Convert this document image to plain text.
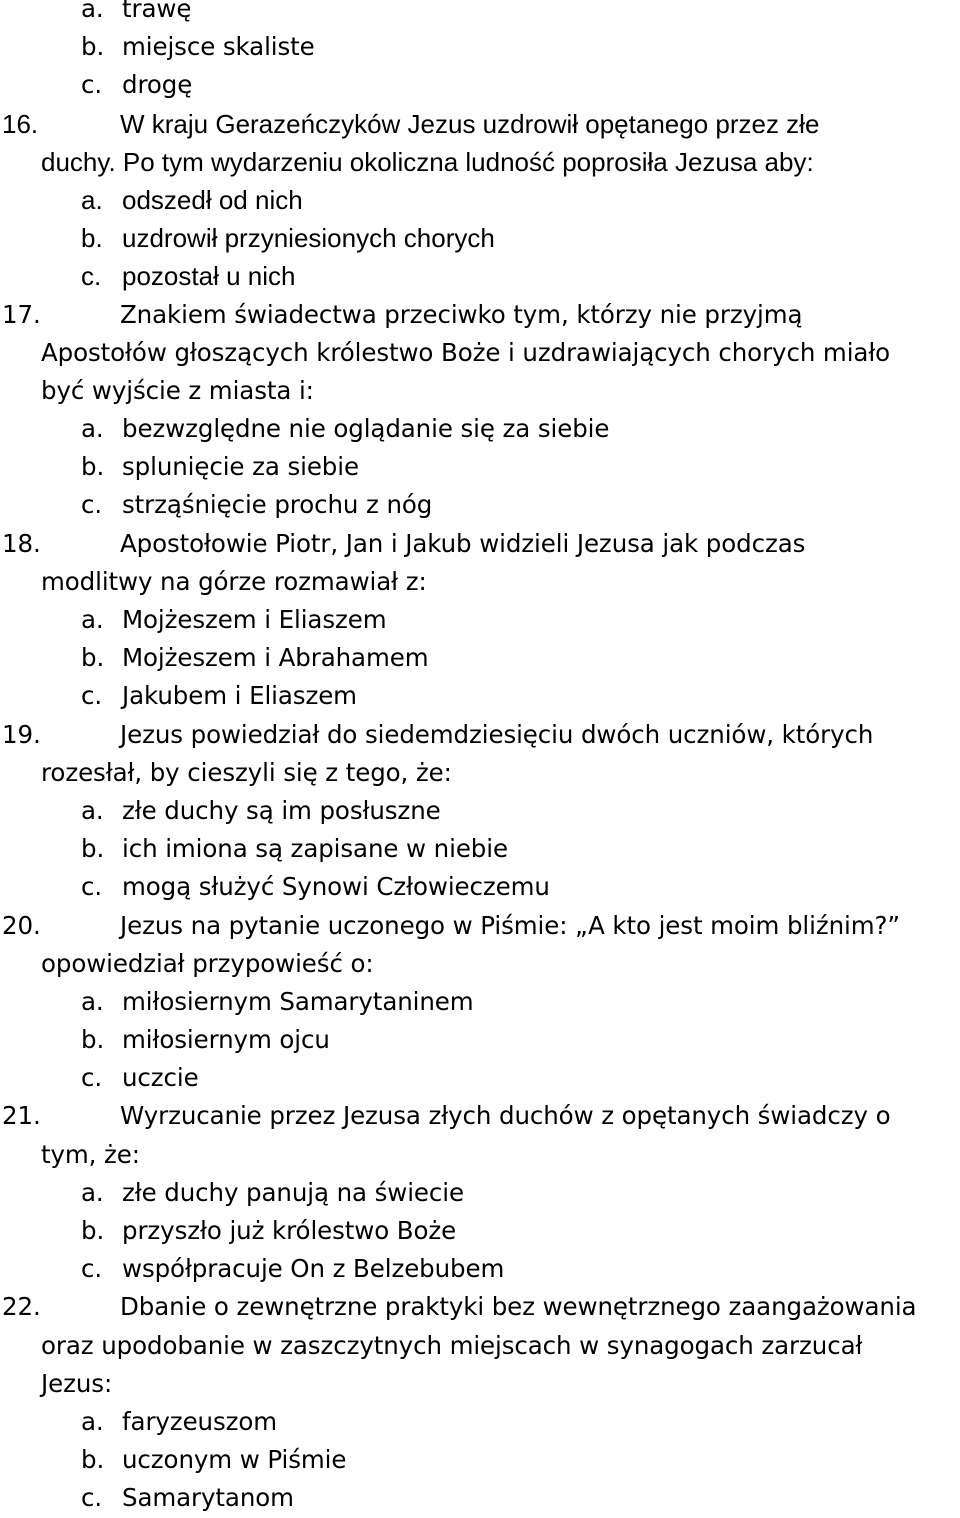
a. trawę
b. miejsce skaliste
c. drogę
16.	W kraju Gerazeńczyków Jezus uzdrowił opętanego przez złe
duchy. Po tym wydarzeniu okoliczna ludność poprosiła Jezusa aby:
a. odszedł od nich
b. uzdrowił przyniesionych chorych
c. pozostał u nich
17.	Znakiem świadectwa przeciwko tym, którzy nie przyjmą
Apostołów głoszących królestwo Boże i uzdrawiających chorych miało
być wyjście z miasta i:
a. bezwzględne nie oglądanie się za siebie
b. splunięcie za siebie
c. strząśnięcie prochu z nóg
18.	Apostołowie Piotr, Jan i Jakub widzieli Jezusa jak podczas
modlitwy na górze rozmawiał z:
a. Mojżeszem i Eliaszem
b. Mojżeszem i Abrahamem
c. Jakubem i Eliaszem
19.	Jezus powiedział do siedemdziesięciu dwóch uczniów, których
rozesłał, by cieszyli się z tego, że:
a. złe duchy są im posłuszne
b. ich imiona są zapisane w niebie
c. mogą służyć Synowi Człowieczemu
20.	Jezus na pytanie uczonego w Piśmie: „A kto jest moim bliźnim?”
opowiedział przypowieść o:
a. miłosiernym Samarytaninem
b. miłosiernym ojcu
c. uczcie
21.	Wyrzucanie przez Jezusa złych duchów z opętanych świadczy o
tym, że:
a. złe duchy panują na świecie
b. przyszło już królestwo Boże
c. współpracuje On z Belzebubem
22.	Dbanie o zewnętrzne praktyki bez wewnętrznego zaangażowania
oraz upodobanie w zaszczytnych miejscach w synagogach zarzucał
Jezus:
a. faryzeuszom
b. uczonym w Piśmie
c. Samarytanom
